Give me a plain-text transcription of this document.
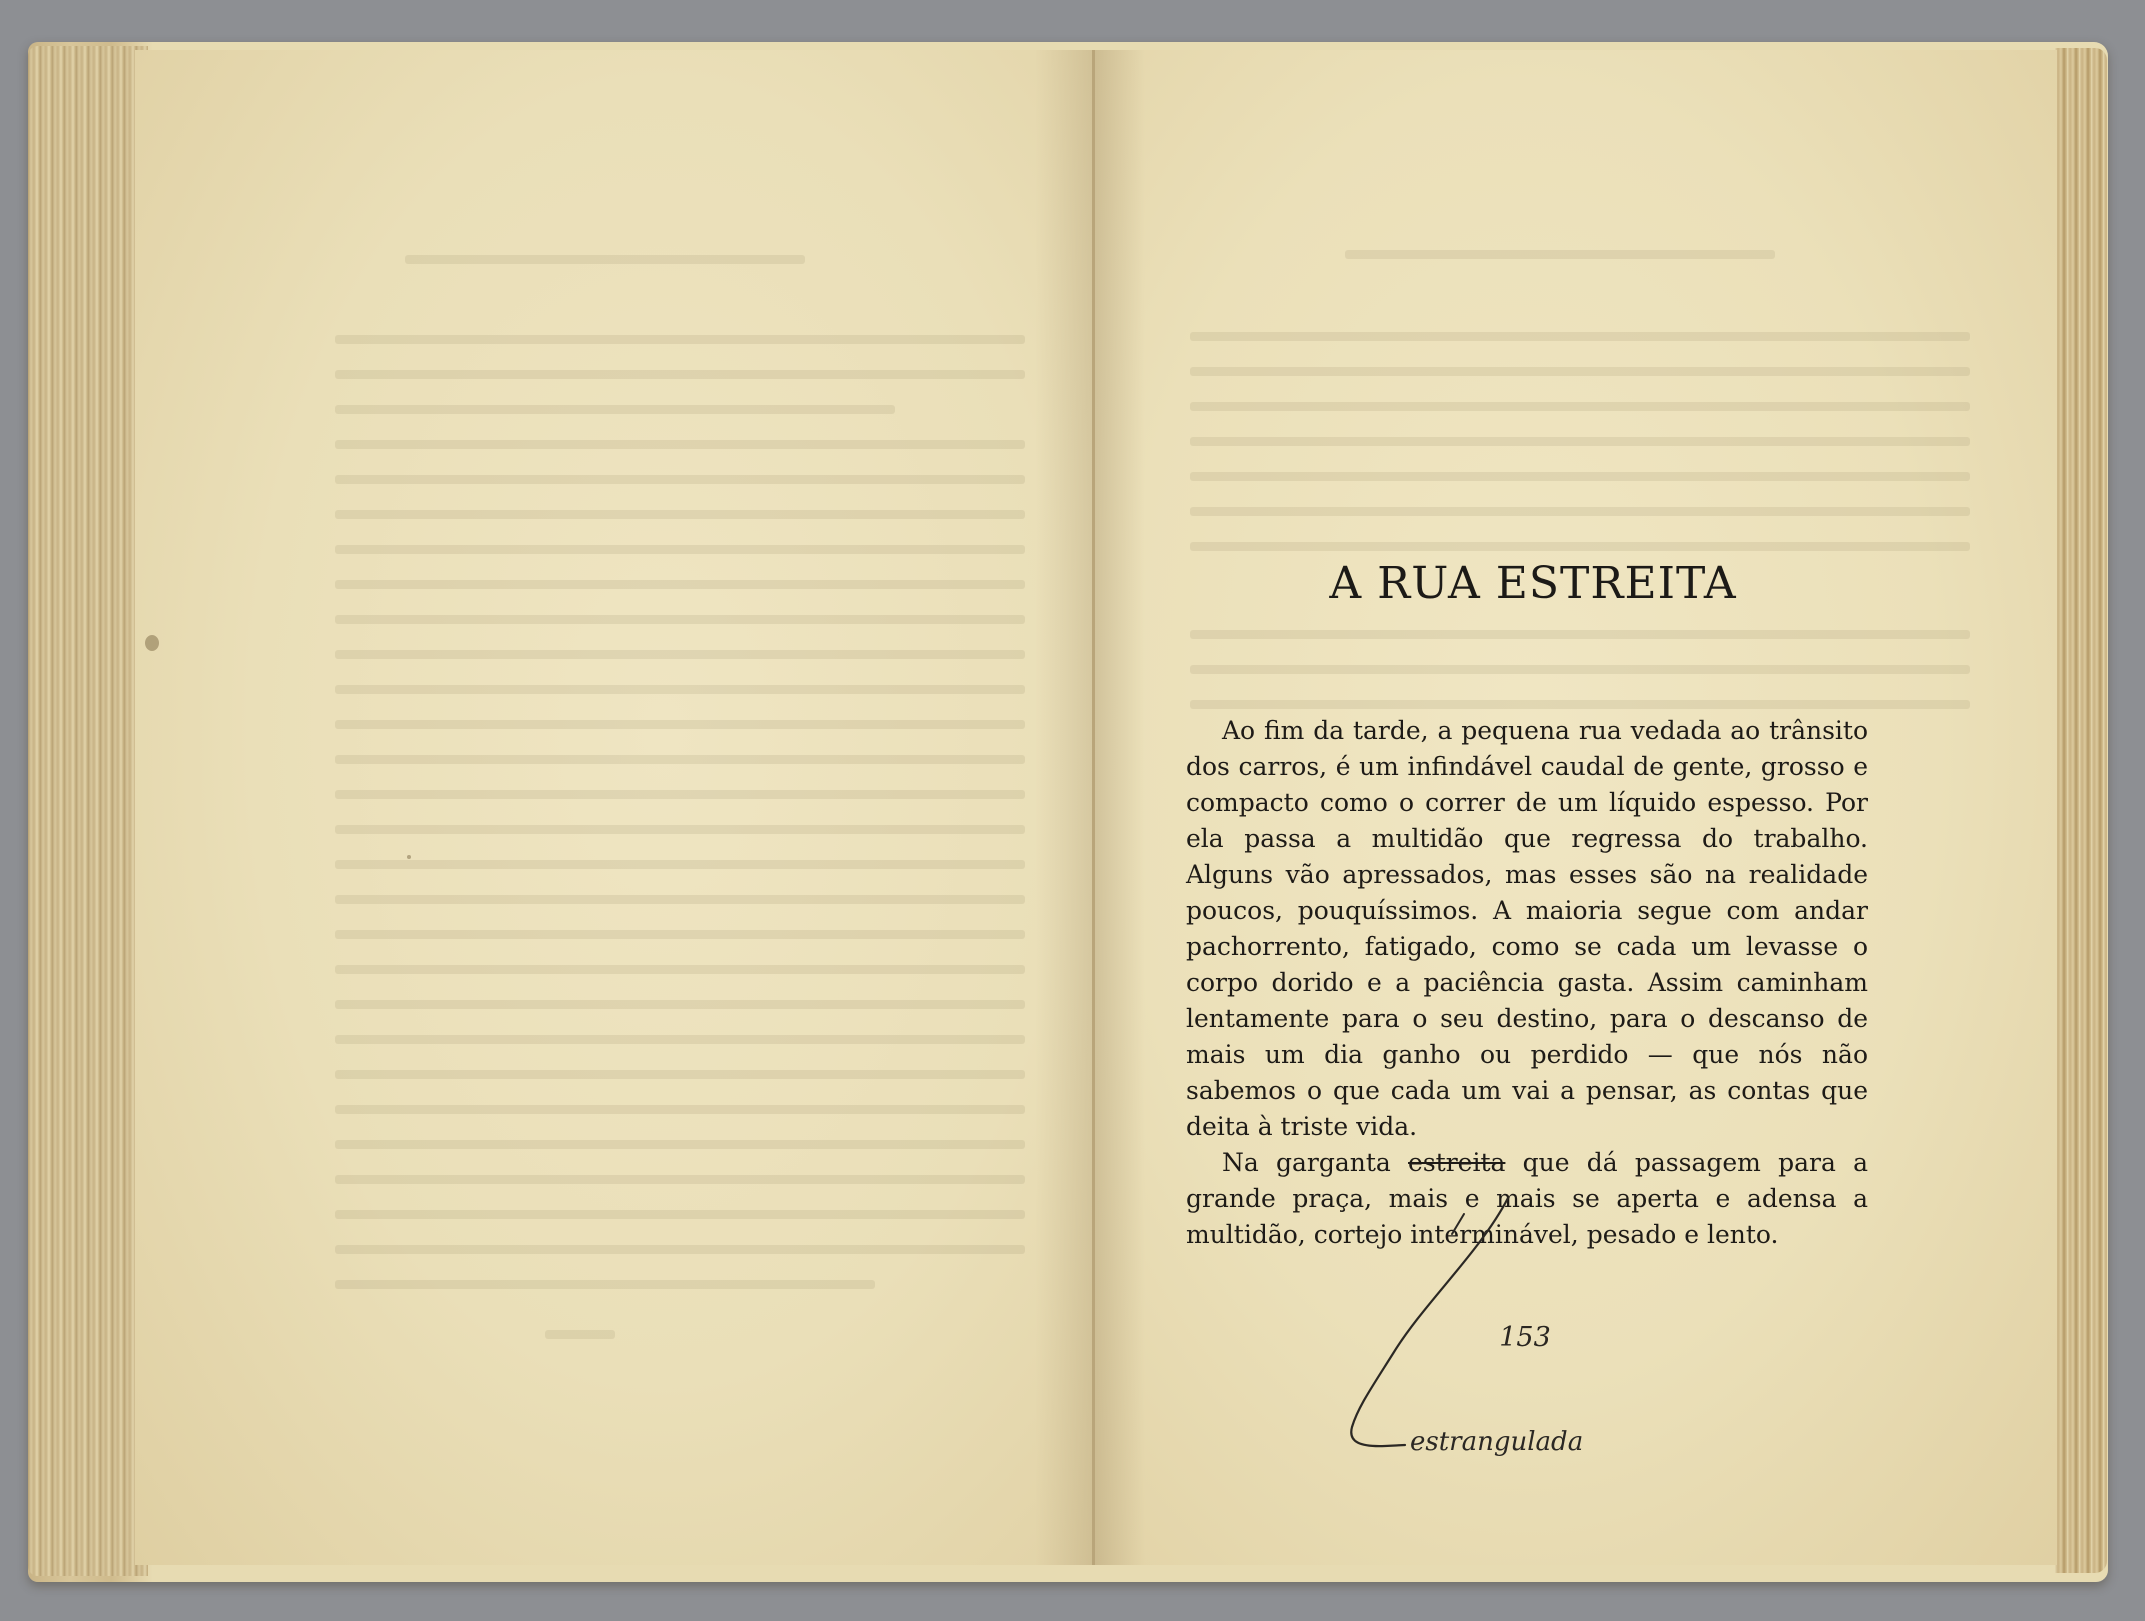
A RUA ESTREITA

Ao fim da tarde, a pequena rua vedada ao trânsito dos carros, é um infindável caudal de gente, grosso e compacto como o correr de um líquido espesso. Por ela passa a multidão que regressa do trabalho. Alguns vão apressados, mas esses são na realidade poucos, pouquíssimos. A maioria segue com andar pachorrento, fatigado, como se cada um levasse o corpo dorido e a paciência gasta. Assim caminham lentamente para o seu destino, para o descanso de mais um dia ganho ou perdido — que nós não sabemos o que cada um vai a pensar, as contas que deita à triste vida.

Na garganta estreita que dá passagem para a grande praça, mais e mais se aperta e adensa a multidão, cortejo interminável, pesado e lento.

153
estrangulada
